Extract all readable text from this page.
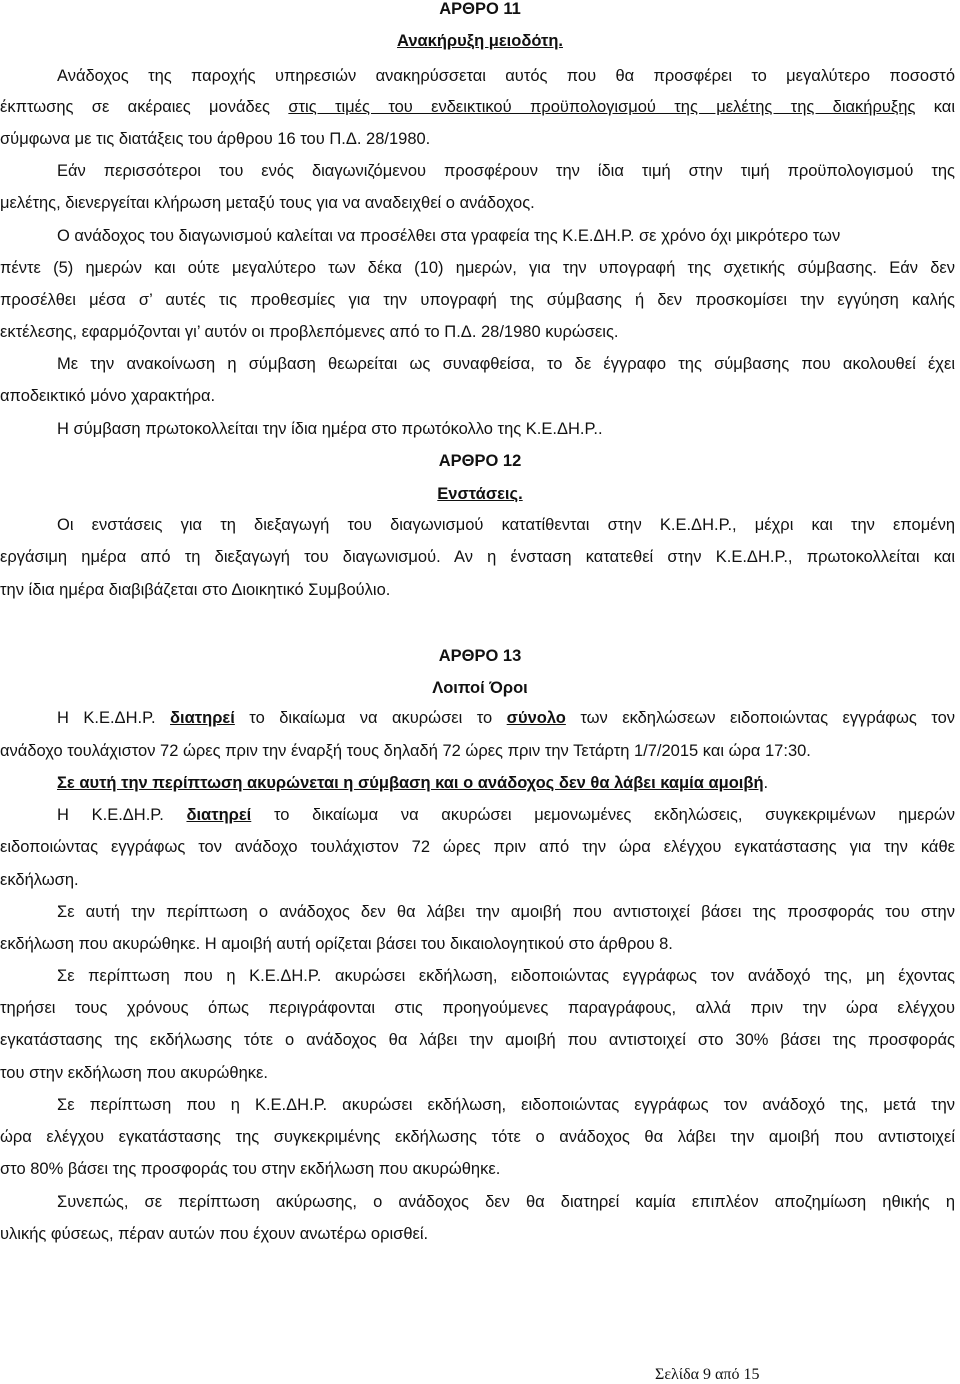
ΑΡΘΡΟ 11
Ανακήρυξη μειοδότη.
Ανάδοχος της παροχής υπηρεσιών ανακηρύσσεται αυτός που θα προσφέρει το μεγαλύτερο ποσοστό
έκπτωσης σε ακέραιες μονάδες στις τιμές του ενδεικτικού προϋπολογισμού της μελέτης της διακήρυξης και
σύμφωνα με τις διατάξεις του άρθρου 16 του Π.Δ. 28/1980.
Εάν περισσότεροι του ενός διαγωνιζόμενου προσφέρουν την ίδια τιμή στην τιμή προϋπολογισμού της
μελέτης, διενεργείται κλήρωση μεταξύ τους για να αναδειχθεί ο ανάδοχος.
Ο ανάδοχος του διαγωνισμού καλείται να προσέλθει στα γραφεία της Κ.Ε.ΔΗ.Ρ. σε χρόνο όχι μικρότερο των
πέντε (5) ημερών και ούτε μεγαλύτερο των δέκα (10) ημερών, για την υπογραφή της σχετικής σύμβασης. Εάν δεν
προσέλθει μέσα σ’ αυτές τις προθεσμίες για την υπογραφή της σύμβασης ή δεν προσκομίσει την εγγύηση καλής
εκτέλεσης, εφαρμόζονται γι’ αυτόν οι προβλεπόμενες από το Π.Δ. 28/1980 κυρώσεις.
Με την ανακοίνωση η σύμβαση θεωρείται ως συναφθείσα, το δε έγγραφο της σύμβασης που ακολουθεί έχει
αποδεικτικό μόνο χαρακτήρα.
Η σύμβαση πρωτοκολλείται την ίδια ημέρα στο πρωτόκολλο της Κ.Ε.ΔΗ.Ρ..
ΑΡΘΡΟ 12
Ενστάσεις.
Οι ενστάσεις για τη διεξαγωγή του διαγωνισμού κατατίθενται στην Κ.Ε.ΔΗ.Ρ., μέχρι και την επομένη
εργάσιμη ημέρα από τη διεξαγωγή του διαγωνισμού. Αν η ένσταση κατατεθεί στην Κ.Ε.ΔΗ.Ρ., πρωτοκολλείται και
την ίδια ημέρα διαβιβάζεται στο Διοικητικό Συμβούλιο.
ΑΡΘΡΟ 13
Λοιποί Όροι
Η Κ.Ε.ΔΗ.Ρ. διατηρεί το δικαίωμα να ακυρώσει το σύνολο των εκδηλώσεων ειδοποιώντας εγγράφως τον
ανάδοχο τουλάχιστον 72 ώρες πριν την έναρξή τους δηλαδή 72 ώρες πριν την Τετάρτη 1/7/2015 και ώρα 17:30.
Σε αυτή την περίπτωση ακυρώνεται η σύμβαση και ο ανάδοχος δεν θα λάβει καμία αμοιβή.
Η Κ.Ε.ΔΗ.Ρ. διατηρεί το δικαίωμα να ακυρώσει μεμονωμένες εκδηλώσεις, συγκεκριμένων ημερών
ειδοποιώντας εγγράφως τον ανάδοχο τουλάχιστον 72 ώρες πριν από την ώρα ελέγχου εγκατάστασης για την κάθε
εκδήλωση.
Σε αυτή την περίπτωση ο ανάδοχος δεν θα λάβει την αμοιβή που αντιστοιχεί βάσει της προσφοράς του στην
εκδήλωση που ακυρώθηκε. Η αμοιβή αυτή ορίζεται βάσει του δικαιολογητικού στο άρθρου 8.
Σε περίπτωση που η Κ.Ε.ΔΗ.Ρ. ακυρώσει εκδήλωση, ειδοποιώντας εγγράφως τον ανάδοχό της, μη έχοντας
τηρήσει τους χρόνους όπως περιγράφονται στις προηγούμενες παραγράφους, αλλά πριν την ώρα ελέγχου
εγκατάστασης της εκδήλωσης τότε ο ανάδοχος θα λάβει την αμοιβή που αντιστοιχεί στο 30% βάσει της προσφοράς
του στην εκδήλωση που ακυρώθηκε.
Σε περίπτωση που η Κ.Ε.ΔΗ.Ρ. ακυρώσει εκδήλωση, ειδοποιώντας εγγράφως τον ανάδοχό της, μετά την
ώρα ελέγχου εγκατάστασης της συγκεκριμένης εκδήλωσης τότε ο ανάδοχος θα λάβει την αμοιβή που αντιστοιχεί
στο 80% βάσει της προσφοράς του στην εκδήλωση που ακυρώθηκε.
Συνεπώς, σε περίπτωση ακύρωσης, ο ανάδοχος δεν θα διατηρεί καμία επιπλέον αποζημίωση ηθικής η
υλικής φύσεως, πέραν αυτών που έχουν ανωτέρω ορισθεί.
Σελίδα 9 από 15
